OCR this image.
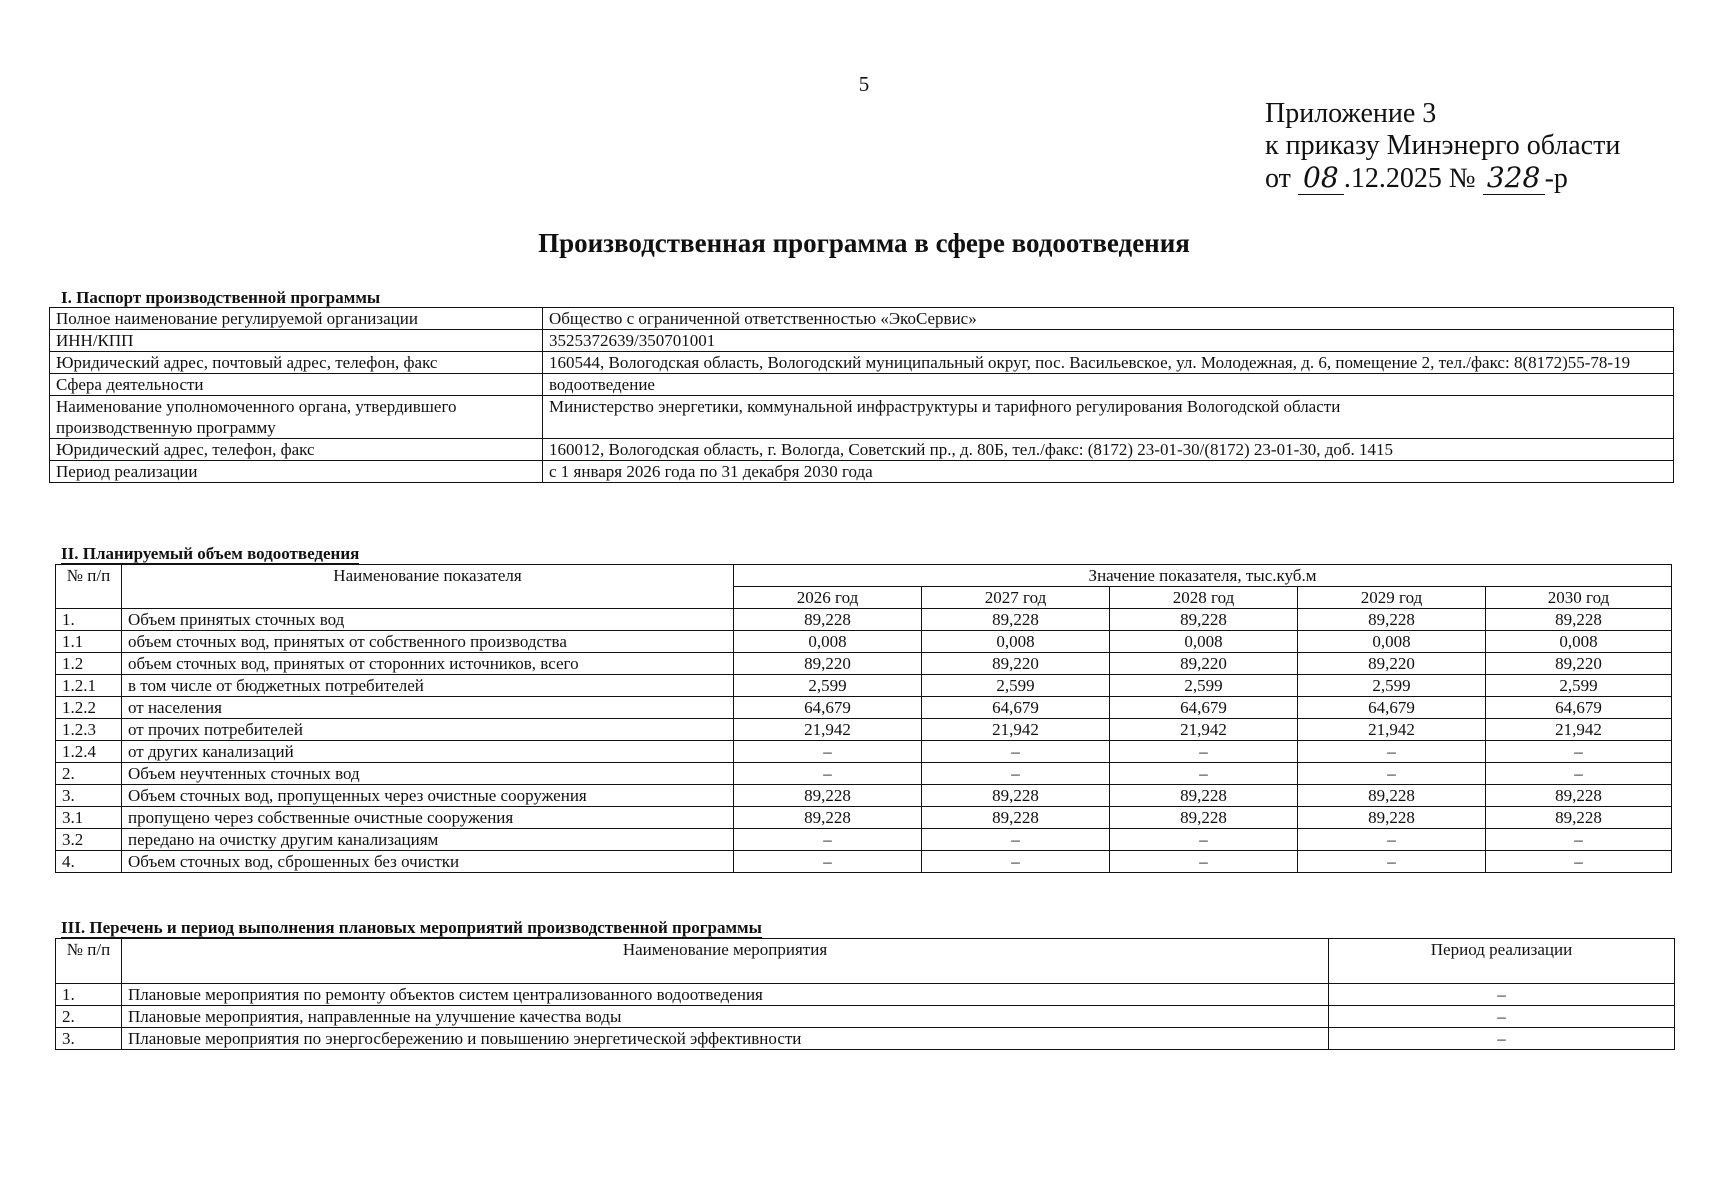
5
Приложение 3
к приказу Минэнерго области
от 08 .12.2025 № 328 -р
Производственная программа в сфере водоотведения
I. Паспорт производственной программы
Полное наименование регулируемой организации	Общество с ограниченной ответственностью «ЭкоСервис»
ИНН/КПП	3525372639/350701001
Юридический адрес, почтовый адрес, телефон, факс	160544, Вологодская область, Вологодский муниципальный округ, пос. Васильевское, ул. Молодежная, д. 6, помещение 2, тел./факс: 8(8172)55-78-19
Сфера деятельности	водоотведение
Наименование уполномоченного органа, утвердившего производственную программу	Министерство энергетики, коммунальной инфраструктуры и тарифного регулирования Вологодской области
Юридический адрес, телефон, факс	160012, Вологодская область, г. Вологда, Советский пр., д. 80Б, тел./факс: (8172) 23-01-30/(8172) 23-01-30, доб. 1415
Период реализации	с 1 января 2026 года по 31 декабря 2030 года
II. Планируемый объем водоотведения
№ п/п	Наименование показателя	Значение показателя, тыс.куб.м				
		2026 год	2027 год	2028 год	2029 год	2030 год
1.	Объем принятых сточных вод	89,228	89,228	89,228	89,228	89,228
1.1	объем сточных вод, принятых от собственного производства	0,008	0,008	0,008	0,008	0,008
1.2	объем сточных вод, принятых от сторонних источников, всего	89,220	89,220	89,220	89,220	89,220
1.2.1	в том числе от бюджетных потребителей	2,599	2,599	2,599	2,599	2,599
1.2.2	от населения	64,679	64,679	64,679	64,679	64,679
1.2.3	от прочих потребителей	21,942	21,942	21,942	21,942	21,942
1.2.4	от других канализаций	–	–	–	–	–
2.	Объем неучтенных сточных вод	–	–	–	–	–
3.	Объем сточных вод, пропущенных через очистные сооружения	89,228	89,228	89,228	89,228	89,228
3.1	пропущено через собственные очистные сооружения	89,228	89,228	89,228	89,228	89,228
3.2	передано на очистку другим канализациям	–	–	–	–	–
4.	Объем сточных вод, сброшенных без очистки	–	–	–	–	–
III. Перечень и период выполнения плановых мероприятий производственной программы
№ п/п	Наименование мероприятия	Период реализации
1.	Плановые мероприятия по ремонту объектов систем централизованного водоотведения	–
2.	Плановые мероприятия, направленные на улучшение качества воды	–
3.	Плановые мероприятия по энергосбережению и повышению энергетической эффективности	–
